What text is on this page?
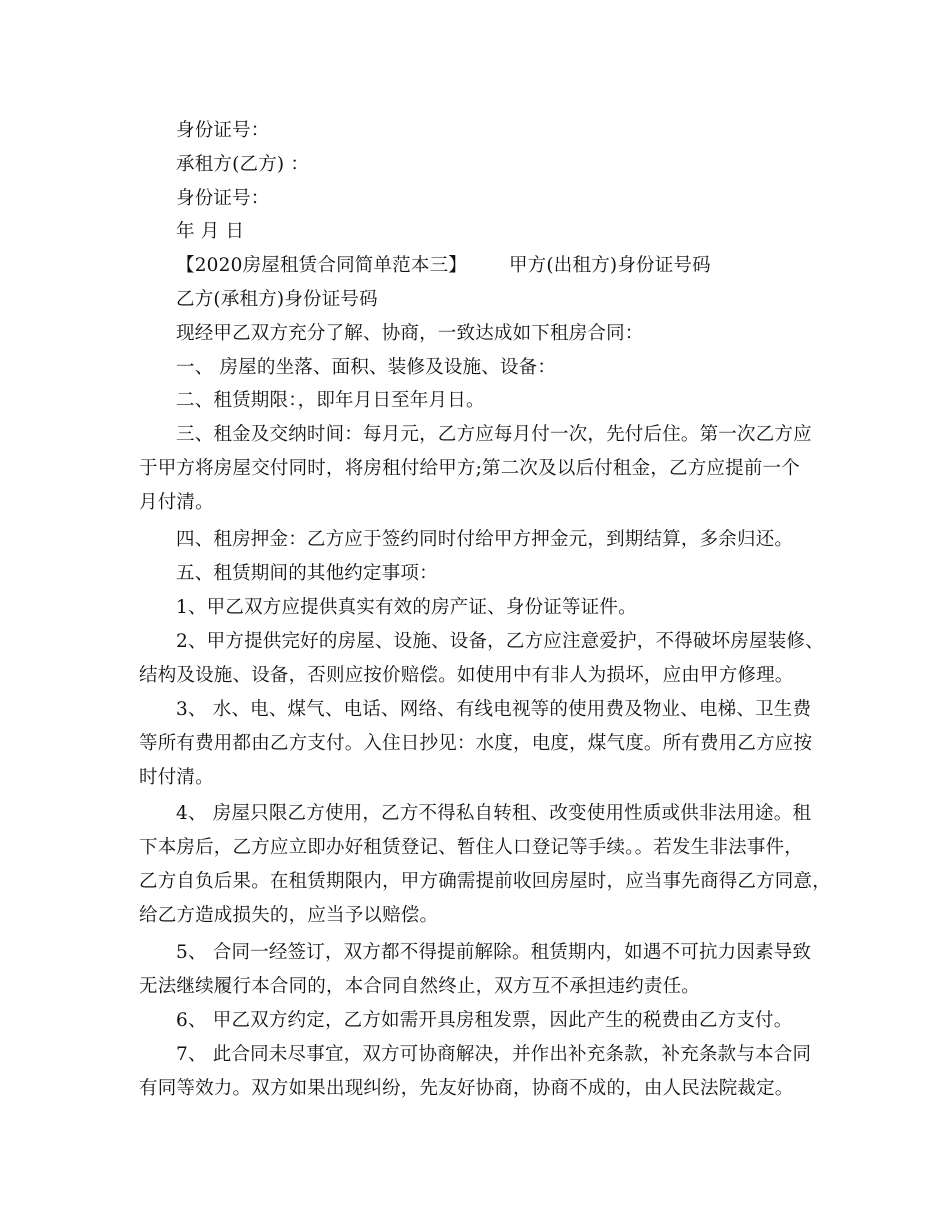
身份证号：
承租方(乙方) ：
身份证号：
年 月 日
【2020房屋租赁合同简单范本三】 甲方(出租方)身份证号码
乙方(承租方)身份证号码
现经甲乙双方充分了解、协商，一致达成如下租房合同：
一、 房屋的坐落、面积、装修及设施、设备：
二、租赁期限：，即年月日至年月日。
三、租金及交纳时间：每月元，乙方应每月付一次，先付后住。第一次乙方应
于甲方将房屋交付同时，将房租付给甲方;第二次及以后付租金，乙方应提前一个
月付清。
四、租房押金：乙方应于签约同时付给甲方押金元，到期结算，多余归还。
五、租赁期间的其他约定事项：
1、甲乙双方应提供真实有效的房产证、身份证等证件。
2、甲方提供完好的房屋、设施、设备，乙方应注意爱护，不得破坏房屋装修、
结构及设施、设备，否则应按价赔偿。如使用中有非人为损坏，应由甲方修理。
3、 水、电、煤气、电话、网络、有线电视等的使用费及物业、电梯、卫生费
等所有费用都由乙方支付。入住日抄见：水度，电度，煤气度。所有费用乙方应按
时付清。
4、 房屋只限乙方使用，乙方不得私自转租、改变使用性质或供非法用途。租
下本房后，乙方应立即办好租赁登记、暂住人口登记等手续。。若发生非法事件，
乙方自负后果。在租赁期限内，甲方确需提前收回房屋时，应当事先商得乙方同意，
给乙方造成损失的，应当予以赔偿。
5、 合同一经签订，双方都不得提前解除。租赁期内，如遇不可抗力因素导致
无法继续履行本合同的，本合同自然终止，双方互不承担违约责任。
6、 甲乙双方约定，乙方如需开具房租发票，因此产生的税费由乙方支付。
7、 此合同未尽事宜，双方可协商解决，并作出补充条款，补充条款与本合同
有同等效力。双方如果出现纠纷，先友好协商，协商不成的，由人民法院裁定。
